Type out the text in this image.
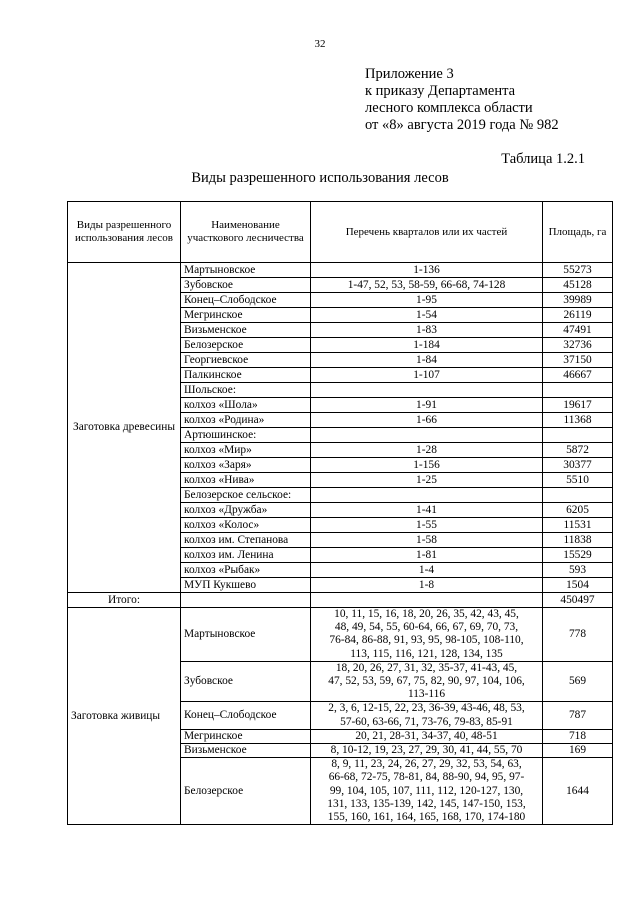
32
Приложение 3
к приказу Департамента
лесного комплекса области
от «8» августа 2019 года № 982
Таблица 1.2.1
Виды разрешенного использования лесов
Виды разрешенного использования лесов	Наименование участкового лесничества	Перечень кварталов или их частей	Площадь, га
Заготовка древесины	Мартыновское	1-136	55273
	Зубовское	1-47, 52, 53, 58-59, 66-68, 74-128	45128
	Конец–Слободское	1-95	39989
	Мегринское	1-54	26119
	Визьменское	1-83	47491
	Белозерское	1-184	32736
	Георгиевское	1-84	37150
	Палкинское	1-107	46667
	Шольское:		
	колхоз «Шола»	1-91	19617
	колхоз «Родина»	1-66	11368
	Артюшинское:		
	колхоз «Мир»	1-28	5872
	колхоз «Заря»	1-156	30377
	колхоз «Нива»	1-25	5510
	Белозерское сельское:		
	колхоз «Дружба»	1-41	6205
	колхоз «Колос»	1-55	11531
	колхоз им. Степанова	1-58	11838
	колхоз им. Ленина	1-81	15529
	колхоз «Рыбак»	1-4	593
	МУП Кукшево	1-8	1504
Итого:			450497
Заготовка живицы	Мартыновское	10, 11, 15, 16, 18, 20, 26, 35, 42, 43, 45,
48, 49, 54, 55, 60-64, 66, 67, 69, 70, 73,
76-84, 86-88, 91, 93, 95, 98-105, 108-110,
113, 115, 116, 121, 128, 134, 135	778
	Зубовское	18, 20, 26, 27, 31, 32, 35-37, 41-43, 45,
47, 52, 53, 59, 67, 75, 82, 90, 97, 104, 106,
113-116	569
	Конец–Слободское	2, 3, 6, 12-15, 22, 23, 36-39, 43-46, 48, 53,
57-60, 63-66, 71, 73-76, 79-83, 85-91	787
	Мегринское	20, 21, 28-31, 34-37, 40, 48-51	718
	Визьменское	8, 10-12, 19, 23, 27, 29, 30, 41, 44, 55, 70	169
	Белозерское	8, 9, 11, 23, 24, 26, 27, 29, 32, 53, 54, 63,
66-68, 72-75, 78-81, 84, 88-90, 94, 95, 97-
99, 104, 105, 107, 111, 112, 120-127, 130,
131, 133, 135-139, 142, 145, 147-150, 153,
155, 160, 161, 164, 165, 168, 170, 174-180	1644
